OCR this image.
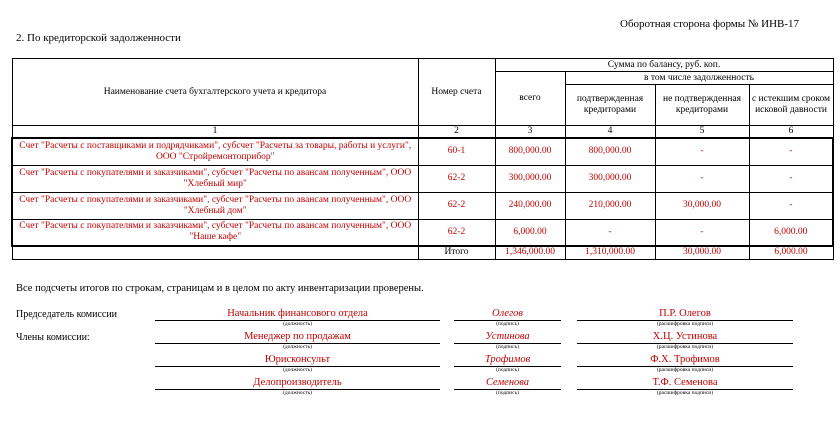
Оборотная сторона формы № ИНВ-17
2. По кредиторской задолженности
Наименование счета бухгалтерского учета и кредитора	Номер счета	Сумма по балансу, руб. коп.			
		всего	в том числе задолженность		
			подтвержденная кредиторами	не подтвержденная кредиторами	с истекшим сроком исковой давности
1	2	3	4	5	6
Счет "Расчеты с поставщиками и подрядчиками", субсчет "Расчеты за товары, работы и услуги", ООО "Стройремонтоприбор"	60-1	800,000.00	800,000.00	-	-
Счет "Расчеты с покупателями и заказчиками", субсчет "Расчеты по авансам полученным", ООО "Хлебный мир"	62-2	300,000.00	300,000.00	-	-
Счет "Расчеты с покупателями и заказчиками", субсчет "Расчеты по авансам полученным", ООО "Хлебный дом"	62-2	240,000.00	210,000.00	30,000.00	-
Счет "Расчеты с покупателями и заказчиками", субсчет "Расчеты по авансам полученным", ООО "Наше кафе"	62-2	6,000.00	-	-	6,000.00
	Итого	1,346,000.00	1,310,000.00	30,000.00	6,000.00
Все подсчеты итогов по строкам, страницам и в целом по акту инвентаризации проверены.
Председатель комиссии
Члены комиссии:
Начальник финансового отдела
(должность)
Олегов
(подпись)
П.Р. Олегов
(расшифровка подписи)
Менеджер по продажам
(должность)
Устинова
(подпись)
Х.Ц. Устинова
(расшифровка подписи)
Юрисконсульт
(должность)
Трофимов
(подпись)
Ф.Х. Трофимов
(расшифровка подписи)
Делопроизводитель
(должность)
Семенова
(подпись)
Т.Ф. Семенова
(расшифровка подписи)
